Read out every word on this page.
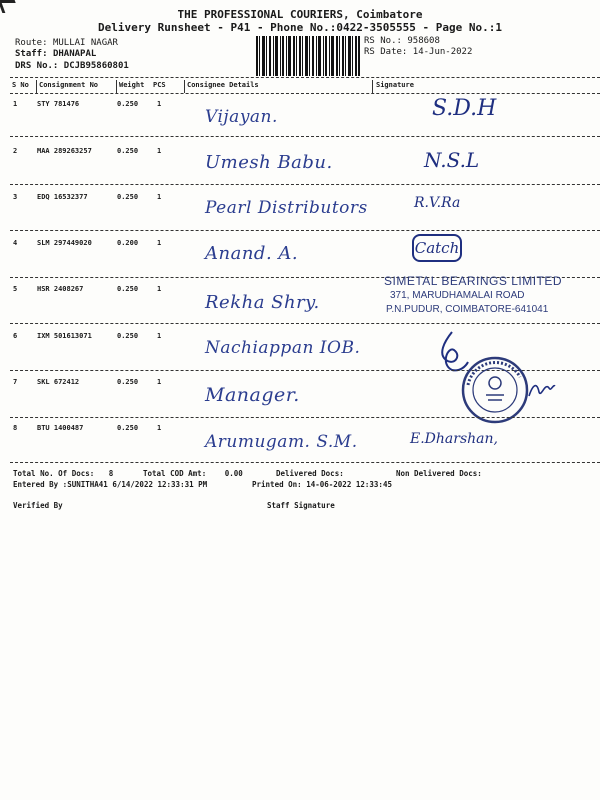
THE PROFESSIONAL COURIERS, Coimbatore
Delivery Runsheet - P41 - Phone No.:0422-3505555 - Page No.:1
Route: MULLAI NAGAR
Staff: DHANAPAL
DRS No.: DCJB95860801
RS No.: 958608
RS Date: 14-Jun-2022
S No Consignment No	Weight PCS	Consignee Details	Signature
1	STY 781476	0.250	1
Vijayan.	S.D.H
2	MAA 289263257	0.250	1
Umesh Babu.	N.S.L
3	EDQ 16532377	0.250	1
Pearl Distributors	R.V.Ra
4	SLM 297449020	0.200	1 Anand. A.	Catch
5	HSR 2408267	0.250	1
Rekha Shry.
SIMETAL BEARINGS LIMITED
371, MARUDHAMALAI ROAD
P.N.PUDUR, COIMBATORE-641041
6	IXM 501613071	0.250	1
Nachiappan IOB.
7	SKL 672412	0.250	1
Manager.
8	BTU 1400487	0.250	1
Arumugam. S.M.	E.Dharshan,
Total No. Of Docs: 8	Total COD Amt: 0.00	Delivered Docs:	Non Delivered Docs:
Entered By :SUNITHA41 6/14/2022 12:33:31 PM	Printed On: 14-06-2022 12:33:45
Verified By	Staff Signature
